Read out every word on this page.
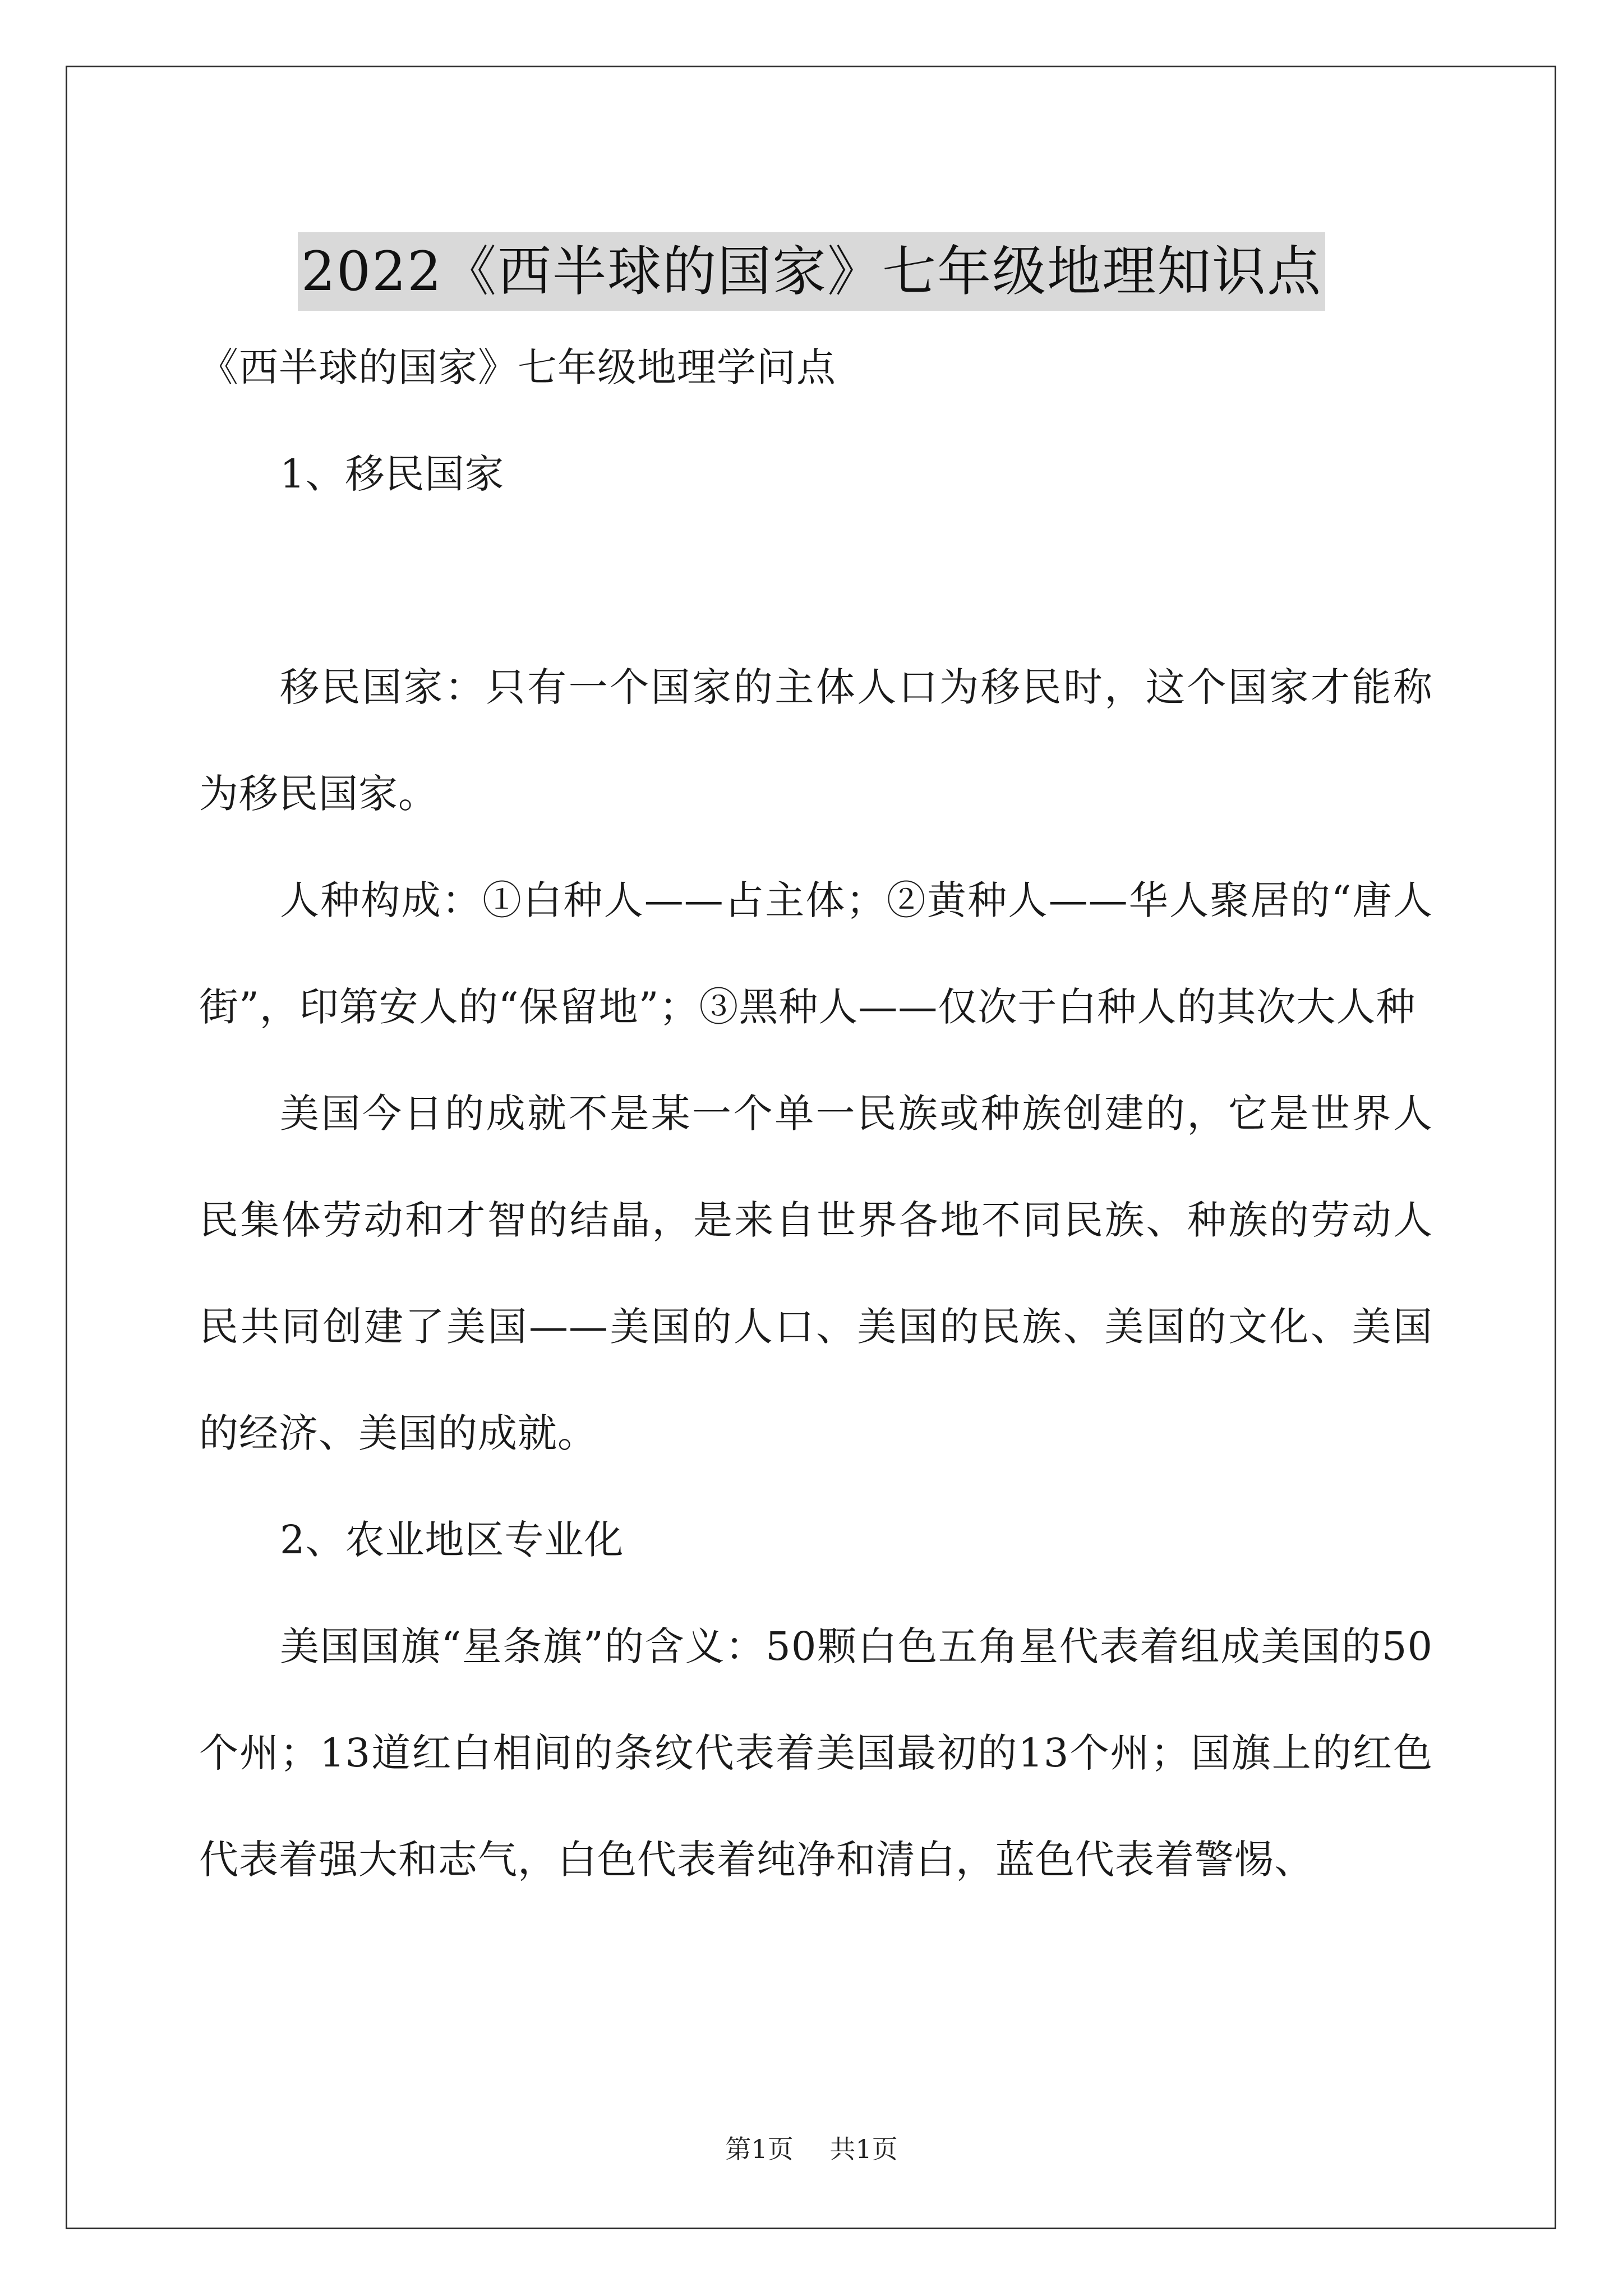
2022《西半球的国家》七年级地理知识点

《西半球的国家》七年级地理学问点

1、移民国家

移民国家：只有一个国家的主体人口为移民时，这个国家才能称为移民国家。

人种构成：①白种人——占主体；②黄种人——华人聚居的“唐人街”，印第安人的“保留地”；③黑种人——仅次于白种人的其次大人种

美国今日的成就不是某一个单一民族或种族创建的，它是世界人民集体劳动和才智的结晶，是来自世界各地不同民族、种族的劳动人民共同创建了美国——美国的人口、美国的民族、美国的文化、美国的经济、美国的成就。

2、农业地区专业化

美国国旗“星条旗”的含义：50颗白色五角星代表着组成美国的50个州；13道红白相间的条纹代表着美国最初的13个州；国旗上的红色代表着强大和志气，白色代表着纯净和清白，蓝色代表着警惕、

第1页 共1页
